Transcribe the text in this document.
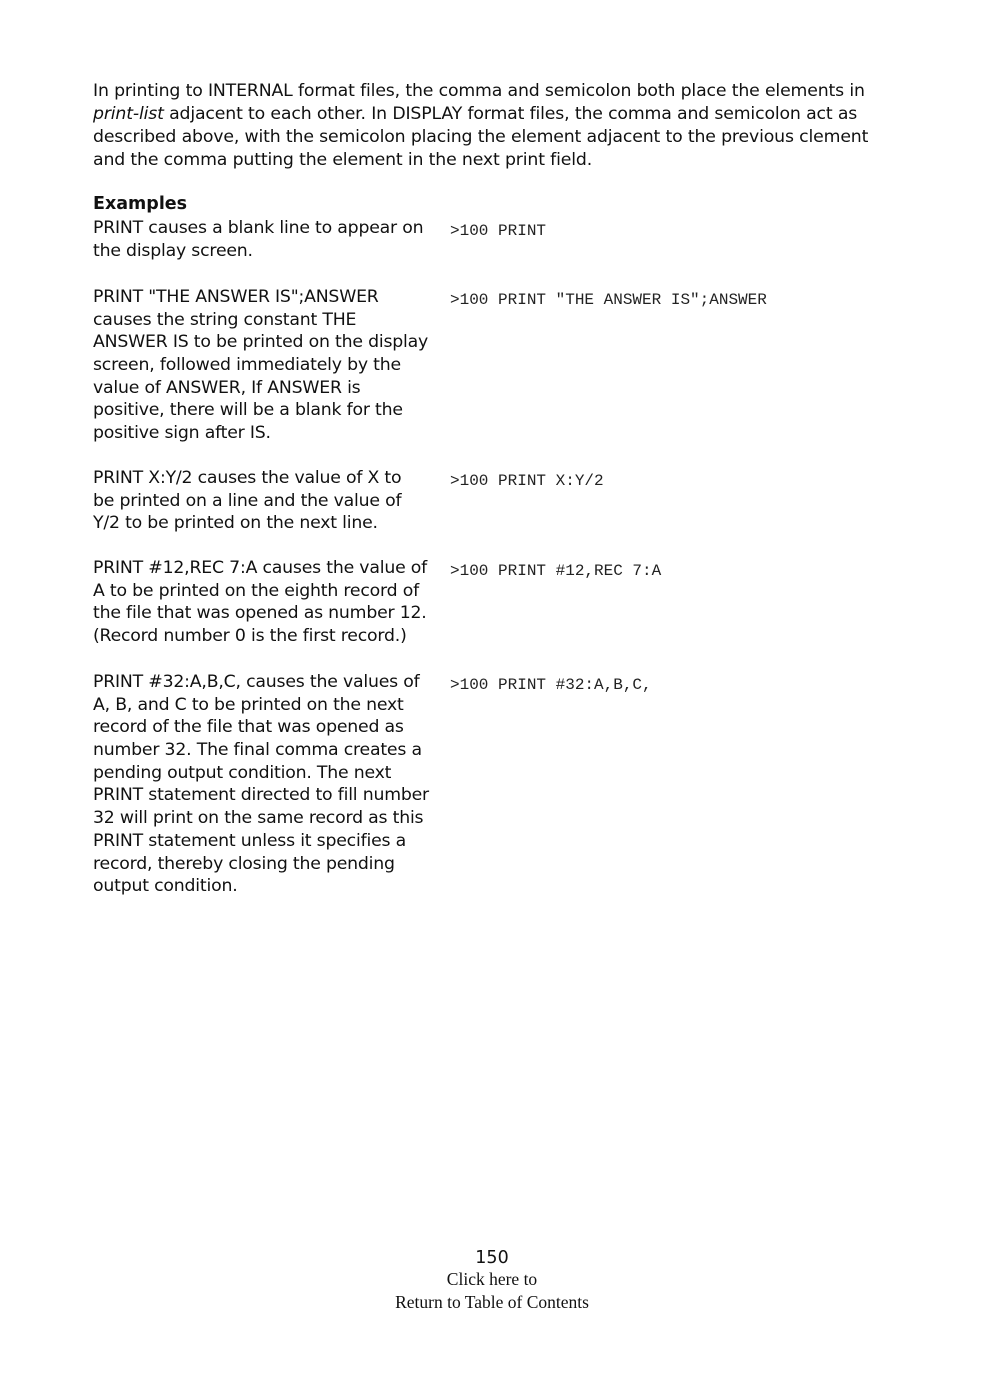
In printing to INTERNAL format files, the comma and semicolon both place the elements in
print-list adjacent to each other. In DISPLAY format files, the comma and semicolon act as
described above, with the semicolon placing the element adjacent to the previous clement
and the comma putting the element in the next print field.
Examples
PRINT causes a blank line to appear on
the display screen.
>100 PRINT
PRINT "THE ANSWER IS";ANSWER
causes the string constant THE
ANSWER IS to be printed on the display
screen, followed immediately by the
value of ANSWER, If ANSWER is
positive, there will be a blank for the
positive sign after IS.
>100 PRINT "THE ANSWER IS";ANSWER
PRINT X:Y/2 causes the value of X to
be printed on a line and the value of
Y/2 to be printed on the next line.
>100 PRINT X:Y/2
PRINT #12,REC 7:A causes the value of
A to be printed on the eighth record of
the file that was opened as number 12.
(Record number 0 is the first record.)
>100 PRINT #12,REC 7:A
PRINT #32:A,B,C, causes the values of
A, B, and C to be printed on the next
record of the file that was opened as
number 32. The final comma creates a
pending output condition. The next
PRINT statement directed to fill number
32 will print on the same record as this
PRINT statement unless it specifies a
record, thereby closing the pending
output condition.
>100 PRINT #32:A,B,C,
150
Click here to
Return to Table of Contents
